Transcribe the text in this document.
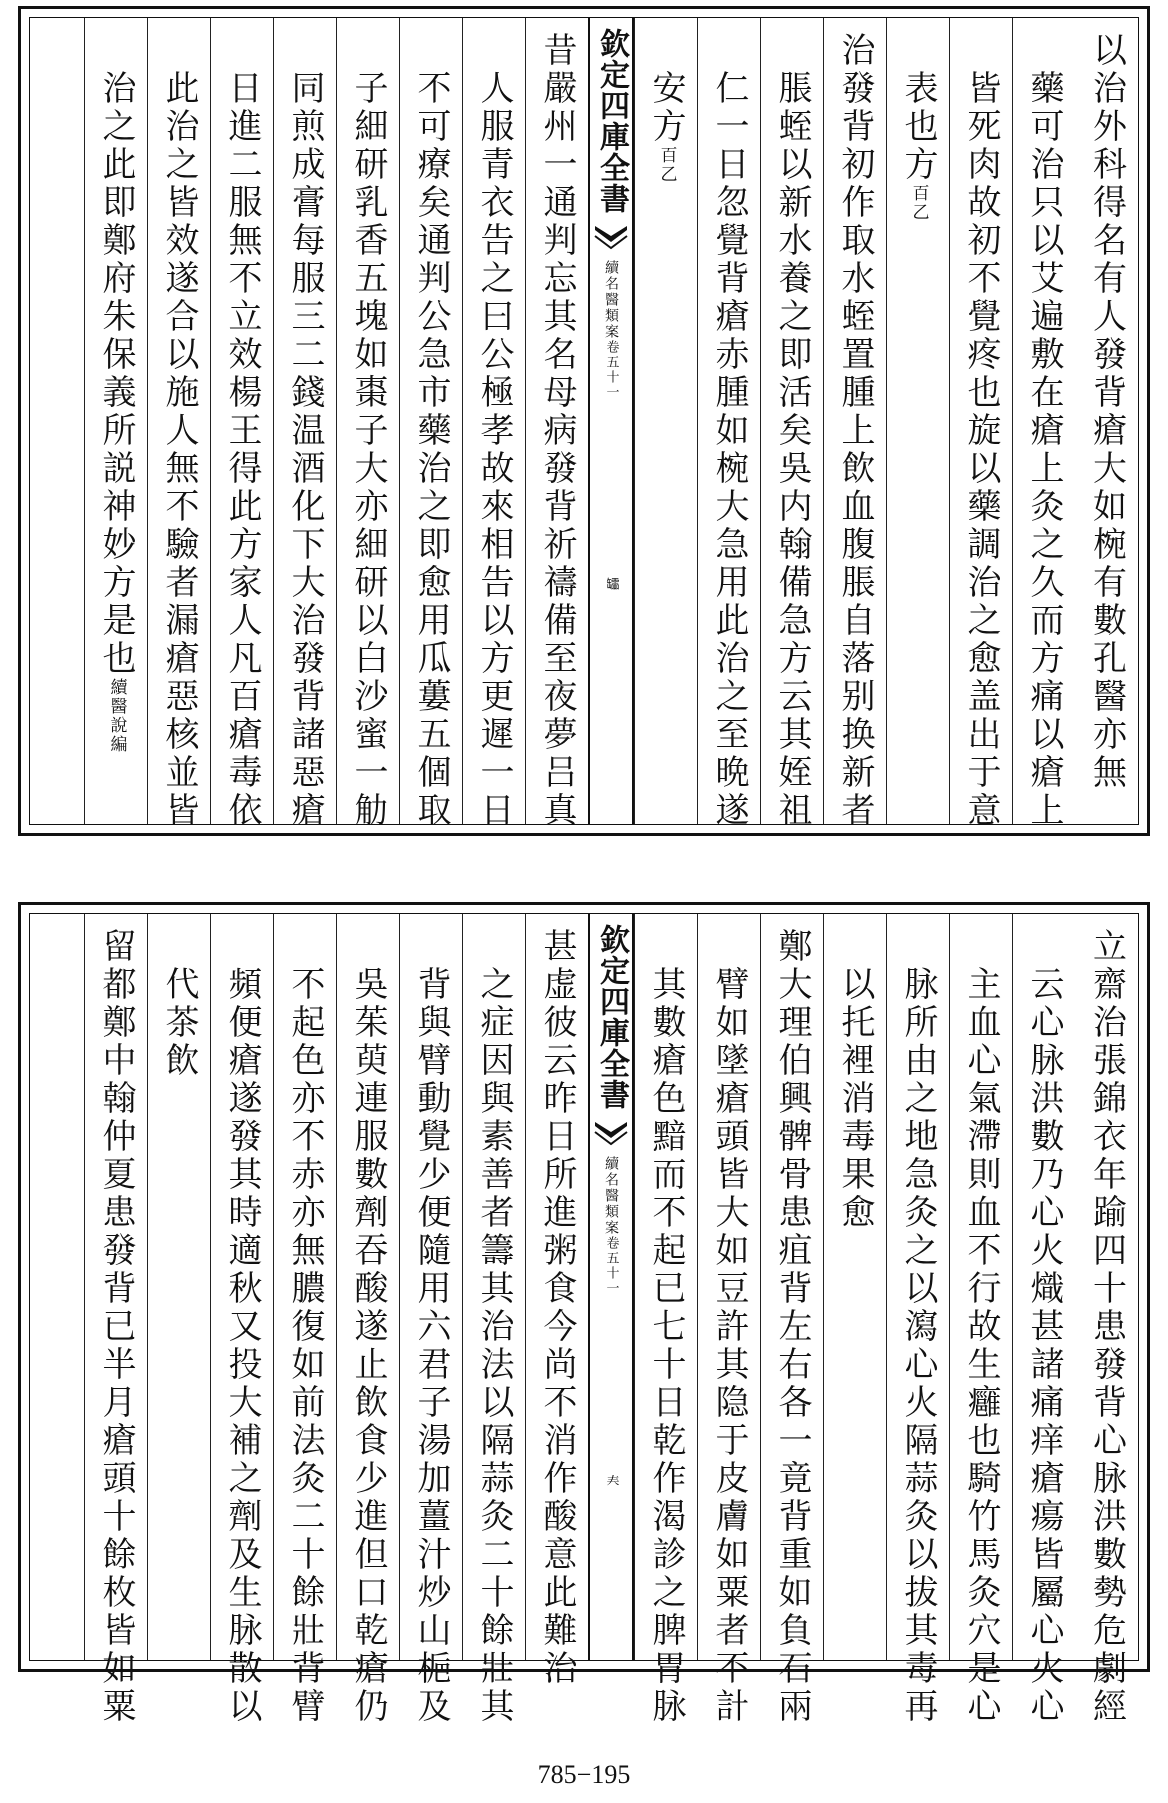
以治外科得名有人發背瘡大如椀有數孔醫亦無
藥可治只以艾遍敷在瘡上灸之久而方痛以瘡上
皆死肉故初不覺疼也旋以藥調治之愈盖出于意
表也方
百乙
治發背初作取水蛭置腫上飲血腹脹自落别换新者
脹蛭以新水養之即活矣吳内翰備急方云其姪祖
仁一日忽覺背瘡赤腫如椀大急用此治之至晩遂
安方
百乙
欽定四庫全書
續名醫類案
卷五十一
𦉢
昔嚴州一通判忘其名母病發背祈禱備至夜夢吕真
人服青衣告之曰公極孝故來相告以方更遲一日
不可療矣通判公急市藥治之即愈用瓜蔞五個取
子細研乳香五塊如棗子大亦細研以白沙蜜一觔
同煎成膏每服三二錢温酒化下大治發背諸惡瘡
日進二服無不立效楊王得此方家人凡百瘡毒依
此治之皆效遂合以施人無不驗者漏瘡惡核並皆
治之此即鄭府朱保義所説神妙方是也
續醫說編
立齋治張錦衣年踰四十患發背心脉洪數勢危劇經
云心脉洪數乃心火熾甚諸痛痒瘡瘍皆屬心火心
主血心氣滯則血不行故生癰也騎竹馬灸穴是心
脉所由之地急灸之以瀉心火隔蒜灸以拔其毒再
以托裡消毒果愈
鄭大理伯興髀骨患疽背左右各一竟背重如負石兩
臂如墜瘡頭皆大如豆許其隐于皮膚如粟者不計
其數瘡色黯而不起已七十日乾作渴診之脾胃脉
欽定四庫全書
續名醫類案
卷五十一
𡗗
甚虚彼云昨日所進粥食今尚不消作酸意此難治
之症因與素善者籌其治法以隔蒜灸二十餘壯其
背與臂動覺少便隨用六君子湯加薑汁炒山梔及
吳茱萸連服數劑吞酸遂止飲食少進但口乾瘡仍
不起色亦不赤亦無膿復如前法灸二十餘壯背臂
頻便瘡遂發其時適秋又投大補之劑及生脉散以
代茶飲
留都鄭中翰仲夏患發背已半月瘡頭十餘枚皆如粟
785−195
